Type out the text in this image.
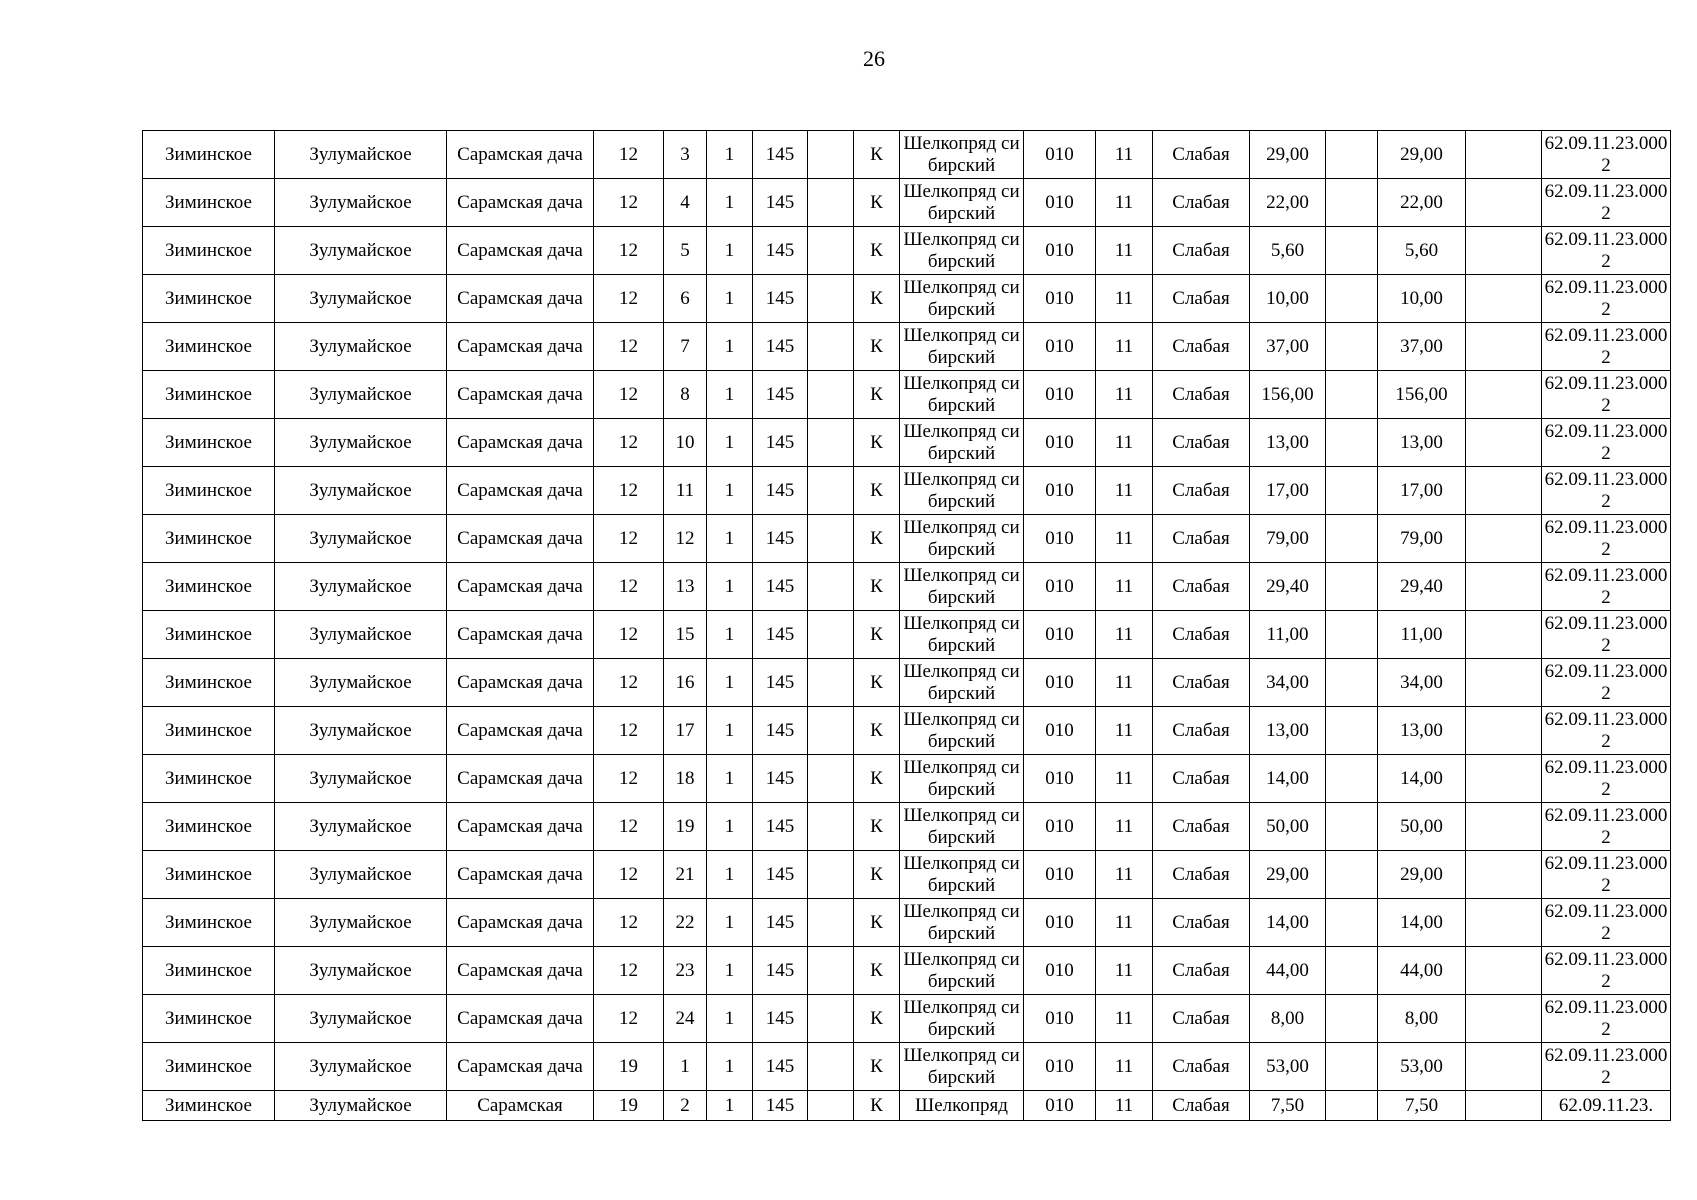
26
Зиминское	Зулумайское	Сарамская дача	12	3	1	145		К	Шелкопряд сибирский	010	11	Слабая	29,00		29,00		62.09.11.23.0002
Зиминское	Зулумайское	Сарамская дача	12	4	1	145		К	Шелкопряд сибирский	010	11	Слабая	22,00		22,00		62.09.11.23.0002
Зиминское	Зулумайское	Сарамская дача	12	5	1	145		К	Шелкопряд сибирский	010	11	Слабая	5,60		5,60		62.09.11.23.0002
Зиминское	Зулумайское	Сарамская дача	12	6	1	145		К	Шелкопряд сибирский	010	11	Слабая	10,00		10,00		62.09.11.23.0002
Зиминское	Зулумайское	Сарамская дача	12	7	1	145		К	Шелкопряд сибирский	010	11	Слабая	37,00		37,00		62.09.11.23.0002
Зиминское	Зулумайское	Сарамская дача	12	8	1	145		К	Шелкопряд сибирский	010	11	Слабая	156,00		156,00		62.09.11.23.0002
Зиминское	Зулумайское	Сарамская дача	12	10	1	145		К	Шелкопряд сибирский	010	11	Слабая	13,00		13,00		62.09.11.23.0002
Зиминское	Зулумайское	Сарамская дача	12	11	1	145		К	Шелкопряд сибирский	010	11	Слабая	17,00		17,00		62.09.11.23.0002
Зиминское	Зулумайское	Сарамская дача	12	12	1	145		К	Шелкопряд сибирский	010	11	Слабая	79,00		79,00		62.09.11.23.0002
Зиминское	Зулумайское	Сарамская дача	12	13	1	145		К	Шелкопряд сибирский	010	11	Слабая	29,40		29,40		62.09.11.23.0002
Зиминское	Зулумайское	Сарамская дача	12	15	1	145		К	Шелкопряд сибирский	010	11	Слабая	11,00		11,00		62.09.11.23.0002
Зиминское	Зулумайское	Сарамская дача	12	16	1	145		К	Шелкопряд сибирский	010	11	Слабая	34,00		34,00		62.09.11.23.0002
Зиминское	Зулумайское	Сарамская дача	12	17	1	145		К	Шелкопряд сибирский	010	11	Слабая	13,00		13,00		62.09.11.23.0002
Зиминское	Зулумайское	Сарамская дача	12	18	1	145		К	Шелкопряд сибирский	010	11	Слабая	14,00		14,00		62.09.11.23.0002
Зиминское	Зулумайское	Сарамская дача	12	19	1	145		К	Шелкопряд сибирский	010	11	Слабая	50,00		50,00		62.09.11.23.0002
Зиминское	Зулумайское	Сарамская дача	12	21	1	145		К	Шелкопряд сибирский	010	11	Слабая	29,00		29,00		62.09.11.23.0002
Зиминское	Зулумайское	Сарамская дача	12	22	1	145		К	Шелкопряд сибирский	010	11	Слабая	14,00		14,00		62.09.11.23.0002
Зиминское	Зулумайское	Сарамская дача	12	23	1	145		К	Шелкопряд сибирский	010	11	Слабая	44,00		44,00		62.09.11.23.0002
Зиминское	Зулумайское	Сарамская дача	12	24	1	145		К	Шелкопряд сибирский	010	11	Слабая	8,00		8,00		62.09.11.23.0002
Зиминское	Зулумайское	Сарамская дача	19	1	1	145		К	Шелкопряд сибирский	010	11	Слабая	53,00		53,00		62.09.11.23.0002
Зиминское	Зулумайское	Сарамская	19	2	1	145		К	Шелкопряд	010	11	Слабая	7,50		7,50		62.09.11.23.
